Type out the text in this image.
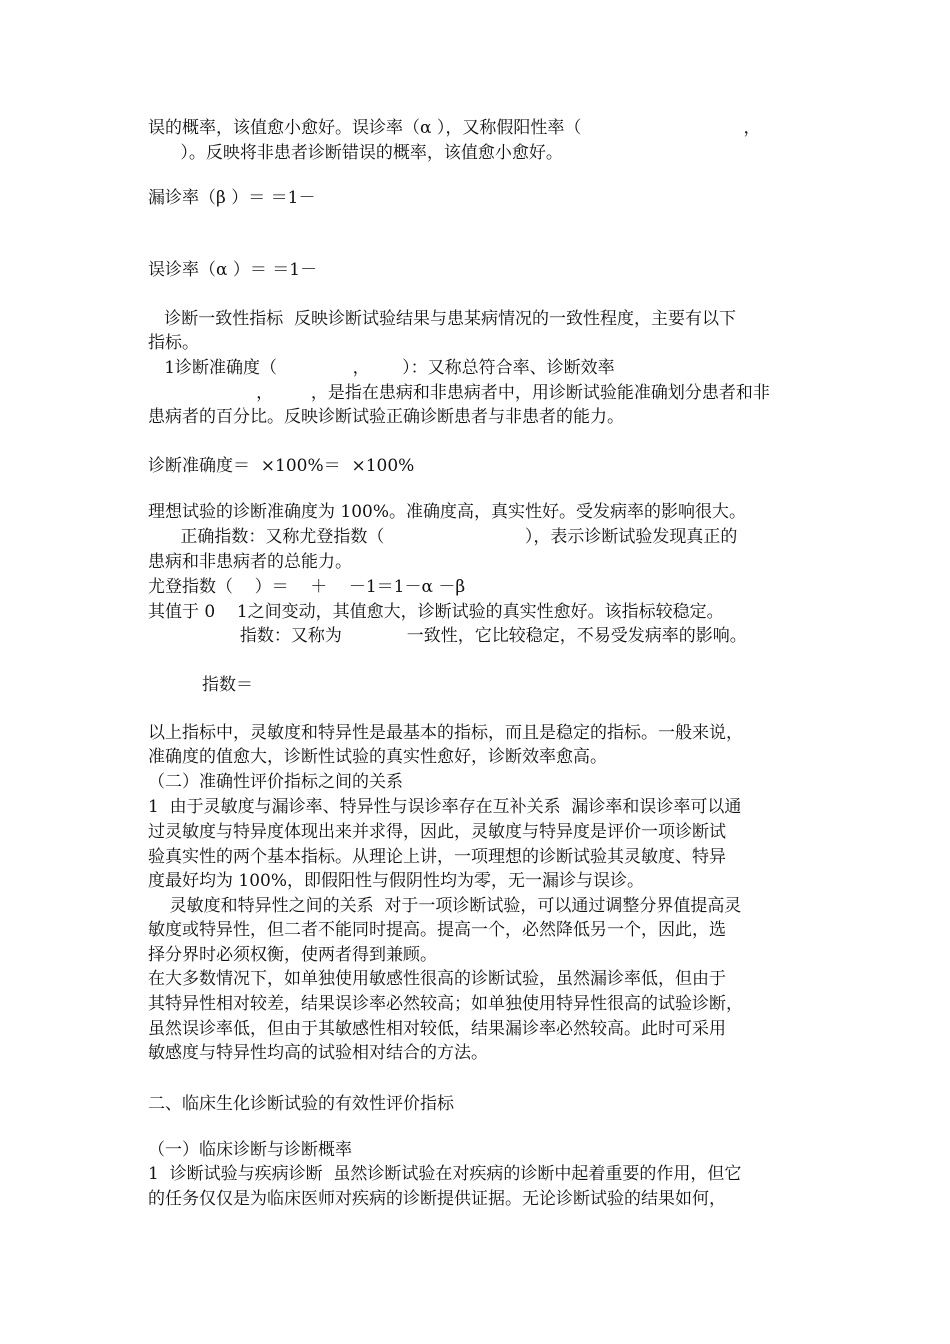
误的概率，该值愈小愈好。误诊率（α ），又称假阳性率（                              ，
）。反映将非患者诊断错误的概率，该值愈小愈好。
漏诊率（β ）＝ ＝1－
误诊率（α ）＝ ＝1－
诊断一致性指标  反映诊断试验结果与患某病情况的一致性程度，主要有以下
指标。
1诊断准确度（              ，      ）：又称总符合率、诊断效率
，       ，是指在患病和非患病者中，用诊断试验能准确划分患者和非
患病者的百分比。反映诊断试验正确诊断患者与非患者的能力。
诊断准确度＝  ×100%＝  ×100%
理想试验的诊断准确度为 100%。准确度高，真实性好。受发病率的影响很大。
正确指数：又称尤登指数（                          ），表示诊断试验发现真正的
患病和非患病者的总能力。
尤登指数（    ）＝    ＋    －1＝1－α －β
其值于 0    1之间变动，其值愈大，诊断试验的真实性愈好。该指标较稳定。
指数：又称为            一致性，它比较稳定，不易受发病率的影响。
指数＝
以上指标中，灵敏度和特异性是最基本的指标，而且是稳定的指标。一般来说，
准确度的值愈大，诊断性试验的真实性愈好，诊断效率愈高。
（二）准确性评价指标之间的关系
1  由于灵敏度与漏诊率、特异性与误诊率存在互补关系  漏诊率和误诊率可以通
过灵敏度与特异度体现出来并求得，因此，灵敏度与特异度是评价一项诊断试
验真实性的两个基本指标。从理论上讲，一项理想的诊断试验其灵敏度、特异
度最好均为 100%，即假阳性与假阴性均为零，无一漏诊与误诊。
灵敏度和特异性之间的关系  对于一项诊断试验，可以通过调整分界值提高灵
敏度或特异性，但二者不能同时提高。提高一个，必然降低另一个，因此，选
择分界时必须权衡，使两者得到兼顾。
在大多数情况下，如单独使用敏感性很高的诊断试验，虽然漏诊率低，但由于
其特异性相对较差，结果误诊率必然较高；如单独使用特异性很高的试验诊断，
虽然误诊率低，但由于其敏感性相对较低，结果漏诊率必然较高。此时可采用
敏感度与特异性均高的试验相对结合的方法。
二、临床生化诊断试验的有效性评价指标
（一）临床诊断与诊断概率
1  诊断试验与疾病诊断  虽然诊断试验在对疾病的诊断中起着重要的作用，但它
的任务仅仅是为临床医师对疾病的诊断提供证据。无论诊断试验的结果如何，
